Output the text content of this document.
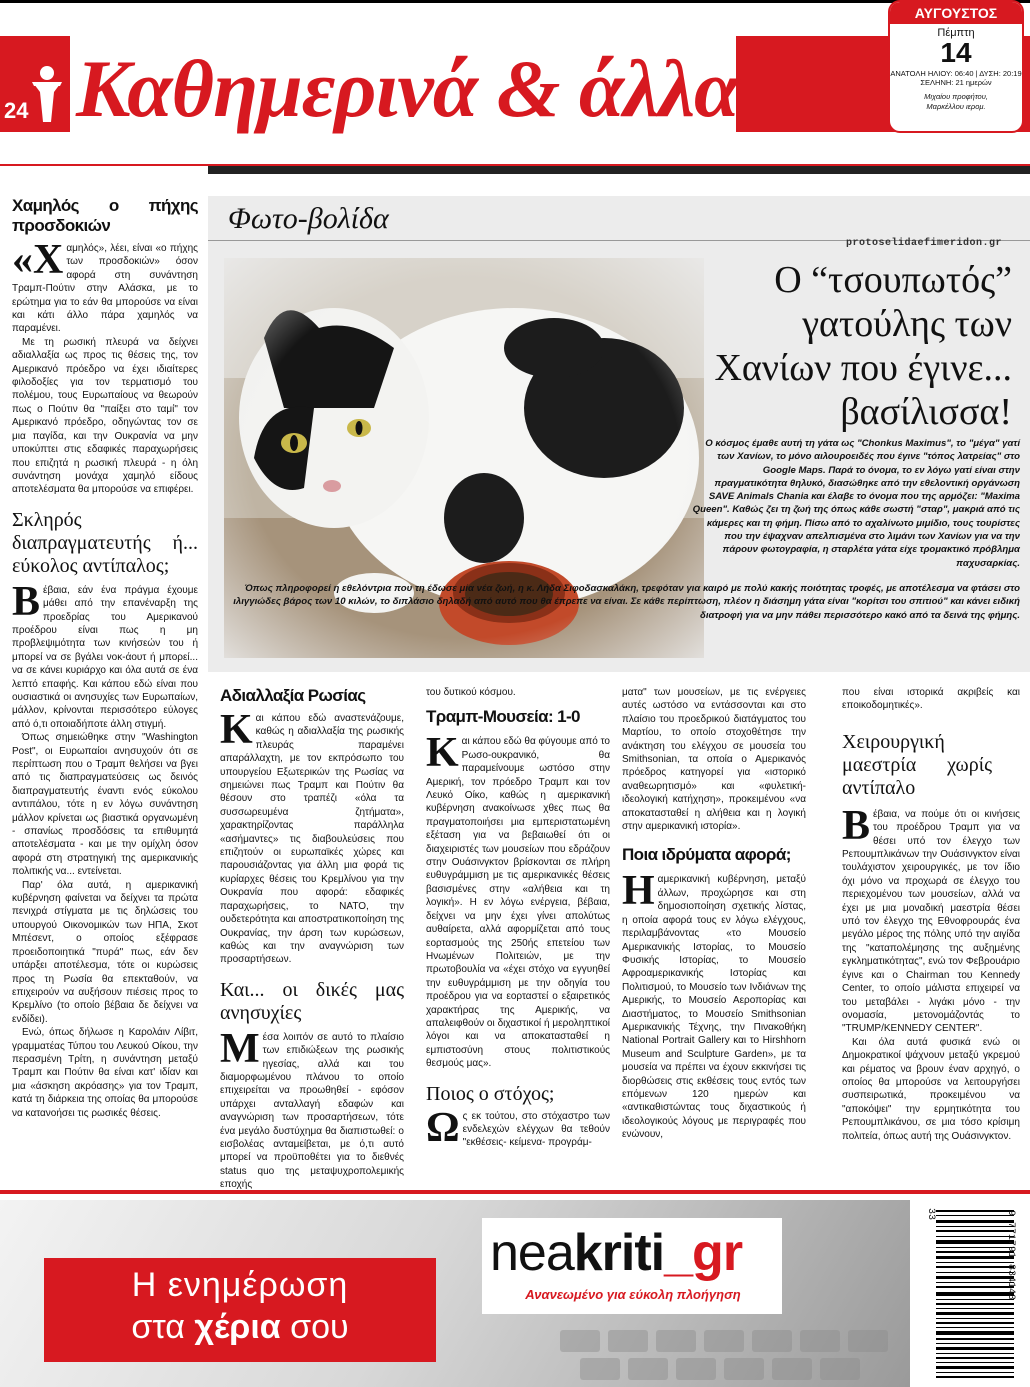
24 Καθημερινά & άλλα
ΑΥΓΟΥΣΤΟΣ
Πέμπτη
14
ΑΝΑΤΟΛΗ ΗΛΙΟΥ: 06:40 | ΔΥΣΗ: 20:19
ΣΕΛΗΝΗ: 21 ημερών
Μιχαίου προφήτου,
Μαρκέλλου ιερομ.
Χαμηλός ο πήχης προσδοκιών

«Χαμηλός», λέει, είναι «ο πήχης των προσδοκιών» όσον αφορά στη συνάντηση Τραμπ-Πούτιν στην Αλάσκα, με το ερώτημα για το εάν θα μπορούσε να είναι και κάτι άλλο πάρα χαμηλός να παραμένει.

Με τη ρωσική πλευρά να δείχνει αδιαλλαξία ως προς τις θέσεις της, τον Αμερικανό πρόεδρο να έχει ιδιαίτερες φιλοδοξίες για τον τερματισμό του πολέμου, τους Ευρωπαίους να θεωρούν πως ο Πούτιν θα "παίξει στο ταμί" τον Αμερικανό πρόεδρο, οδηγώντας τον σε μια παγίδα, και την Ουκρανία να μην υποκύπτει στις εδαφικές παραχωρήσεις που επιζητά η ρωσική πλευρά - η όλη συνάντηση μονάχα χαμηλό είδους αποτελέσματα θα μπορούσε να επιφέρει.

Σκληρός διαπραγματευτής ή... εύκολος αντίπαλος;

Βέβαια, εάν ένα πράγμα έχουμε μάθει από την επανέναρξη της προεδρίας του Αμερικανού προέδρου είναι πως η μη προβλεψιμότητα των κινήσεών του ή μπορεί να σε βγάλει νοκ-άουτ ή μπορεί... να σε κάνει κυριάρχο και όλα αυτά σε ένα λεπτό επαφής. Και κάπου εδώ είναι που ουσιαστικά οι ανησυχίες των Ευρωπαίων, μάλλον, κρίνονται περισσότερο εύλογες από ό,τι οποιαδήποτε άλλη στιγμή.

Όπως σημειώθηκε στην "Washington Post", οι Ευρωπαίοι ανησυχούν ότι σε περίπτωση που ο Τραμπ θελήσει να βγει από τις διαπραγματεύσεις ως δεινός διαπραγματευτής έναντι ενός εύκολου αντιπάλου, τότε η εν λόγω συνάντηση μάλλον κρίνεται ως βιαστικά οργανωμένη - σπανίως προσδόσεις τα επιθυμητά αποτελέσματα - και με την ομίχλη όσον αφορά στη στρατηγική της αμερικανικής πολιτικής να... εντείνεται.

Παρ' όλα αυτά, η αμερικανική κυβέρνηση φαίνεται να δείχνει τα πρώτα πενιχρά στίγματα με τις δηλώσεις του υπουργού Οικονομικών των ΗΠΑ, Σκοτ Μπέσεντ, ο οποίος εξέφρασε προειδοποιητικά "πυρά" πως, εάν δεν υπάρξει αποτέλεσμα, τότε οι κυρώσεις προς τη Ρωσία θα επεκταθούν, να επιχειρούν να αυξήσουν πιέσεις προς το Κρεμλίνο (το οποίο βέβαια δε δείχνει να ενδίδει).

Ενώ, όπως δήλωσε η Καρολάιν Λίβιτ, γραμματέας Τύπου του Λευκού Οίκου, την περασμένη Τρίτη, η συνάντηση μεταξύ Τραμπ και Πούτιν θα είναι κατ' ιδίαν και μια «άσκηση ακρόασης» για τον Τραμπ, κατά τη διάρκεια της οποίας θα μπορούσε να κατανοήσει τις ρωσικές θέσεις.

Φωτο-βολίδα
protoselidaefimeridon.gr
Ο “τσουπωτός” γατούλης των Χανίων που έγινε... βασίλισσα!
Ο κόσμος έμαθε αυτή τη γάτα ως "Chonkus Maximus", το "μέγα" γατί των Χανίων, το μόνο αιλουροειδές που έγινε "τόπος λατρείας" στο Google Maps. Παρά το όνομα, το εν λόγω γατί είναι στην πραγματικότητα θηλυκό, διασώθηκε από την εθελοντική οργάνωση SAVE Animals Chania και έλαβε το όνομα που της αρμόζει: "Maxima Queen". Καθώς ζει τη ζωή της όπως κάθε σωστή "σταρ", μακριά από τις κάμερες και τη φήμη. Πίσω από το αχαλίνωτο μιμίδιο, τους τουρίστες που την έψαχναν απελπισμένα στο λιμάνι των Χανίων για να την πάρουν φωτογραφία, η σταρλέτα γάτα είχε τρομακτικό πρόβλημα παχυσαρκίας.
Όπως πληροφορεί η εθελόντρια που τη έδωσε μία νέα ζωή, η κ. Λήδα Σιφοδασκαλάκη, τρεφόταν για καιρό με πολύ κακής ποιότητας τροφές, με αποτέλεσμα να φτάσει στο ιλιγγιώδες βάρος των 10 κιλών, το διπλάσιο δηλαδή από αυτό που θα έπρεπε να είναι. Σε κάθε περίπτωση, πλέον η διάσημη γάτα είναι "κορίτσι του σπιτιού" και κάνει ειδική διατροφή για να μην πάθει περισσότερο κακό από τα δεινά της φήμης.
Αδιαλλαξία Ρωσίας

Και κάπου εδώ αναστενάζουμε, καθώς η αδιαλλαξία της ρωσικής πλευράς παραμένει απαράλλαχτη, με τον εκπρόσωπο του υπουργείου Εξωτερικών της Ρωσίας να σημειώνει πως Τραμπ και Πούτιν θα θέσουν στο τραπέζι «όλα τα συσσωρευμένα ζητήματα», χαρακτηρίζοντας παράλληλα «ασήμαντες» τις διαβουλεύσεις που επιζητούν οι ευρωπαϊκές χώρες και παρουσιάζοντας για άλλη μια φορά τις κυρίαρχες θέσεις του Κρεμλίνου για την Ουκρανία που αφορά: εδαφικές παραχωρήσεις, το ΝΑΤΟ, την ουδετερότητα και αποστρατικοποίηση της Ουκρανίας, την άρση των κυρώσεων, καθώς και την αναγνώριση των προσαρτήσεων.

Και... οι δικές μας ανησυχίες

Μέσα λοιπόν σε αυτό το πλαίσιο των επιδιώξεων της ρωσικής ηγεσίας, αλλά και του διαμορφωμένου πλάνου το οποίο επιχειρείται να προωθηθεί - εφόσον υπάρχει ανταλλαγή εδαφών και αναγνώριση των προσαρτήσεων, τότε ένα μεγάλο δυστύχημα θα διαπιστωθεί: ο εισβολέας ανταμείβεται, με ό,τι αυτό μπορεί να προϋποθέτει για το διεθνές status quo της μεταψυχροπολεμικής εποχής

του δυτικού κόσμου.

Τραμπ-Μουσεία: 1-0

Και κάπου εδώ θα φύγουμε από το Ρωσο-ουκρανικό, θα παραμείνουμε ωστόσο στην Αμερική, τον πρόεδρο Τραμπ και τον Λευκό Οίκο, καθώς η αμερικανική κυβέρνηση ανακοίνωσε χθες πως θα πραγματοποιήσει μια εμπεριστατωμένη εξέταση για να βεβαιωθεί ότι οι διαχειριστές των μουσείων που εδράζουν στην Ουάσινγκτον βρίσκονται σε πλήρη ευθυγράμμιση με τις αμερικανικές θέσεις βασισμένες στην «αλήθεια και τη λογική». Η εν λόγω ενέργεια, βέβαια, δείχνει να μην έχει γίνει απολύτως αυθαίρετα, αλλά αφορμίζεται από τους εορτασμούς της 250ής επετείου των Ηνωμένων Πολιτειών, με την πρωτοβουλία να «έχει στόχο να εγγυηθεί την ευθυγράμμιση με την οδηγία του προέδρου για να εορταστεί ο εξαιρετικός χαρακτήρας της Αμερικής, να απαλειφθούν οι διχαστικοί ή μεροληπτικοί λόγοι και να αποκατασταθεί η εμπιστοσύνη στους πολιτιστικούς θεσμούς μας».

Ποιος ο στόχος;

Ως εκ τούτου, στο στόχαστρο των ενδελεχών ελέγχων θα τεθούν "εκθέσεις- κείμενα- προγράμ-

ματα" των μουσείων, με τις ενέργειες αυτές ωστόσο να εντάσσονται και στο πλαίσιο του προεδρικού διατάγματος του Μαρτίου, το οποίο στοχοθέτησε την ανάκτηση του ελέγχου σε μουσεία του Smithsonian, τα οποία ο Αμερικανός πρόεδρος κατηγορεί για «ιστορικό αναθεωρητισμό» και «φυλετική-ιδεολογική κατήχηση», προκειμένου «να αποκατασταθεί η αλήθεια και η λογική στην αμερικανική ιστορία».

Ποια ιδρύματα αφορά;

Ηαμερικανική κυβέρνηση, μεταξύ άλλων, προχώρησε και στη δημοσιοποίηση σχετικής λίστας, η οποία αφορά τους εν λόγω ελέγχους, περιλαμβάνοντας «το Μουσείο Αμερικανικής Ιστορίας, το Μουσείο Φυσικής Ιστορίας, το Μουσείο Αφροαμερικανικής Ιστορίας και Πολιτισμού, το Μουσείο των Ινδιάνων της Αμερικής, το Μουσείο Αεροπορίας και Διαστήματος, το Μουσείο Smithsonian Αμερικανικής Τέχνης, την Πινακοθήκη National Portrait Gallery και το Hirshhorn Museum and Sculpture Garden», με τα μουσεία να πρέπει να έχουν εκκινήσει τις διορθώσεις στις εκθέσεις τους εντός των επόμενων 120 ημερών και «αντικαθιστώντας τους διχαστικούς ή ιδεολογικούς λόγους με περιγραφές που ενώνουν,

που είναι ιστορικά ακριβείς και εποικοδομητικές».

Χειρουργική μαεστρία χωρίς αντίπαλο

Βέβαια, να πούμε ότι οι κινήσεις του προέδρου Τραμπ για να θέσει υπό τον έλεγχο των Ρεπουμπλικάνων την Ουάσινγκτον είναι τουλάχιστον χειρουργικές, με τον ίδιο όχι μόνο να προχωρά σε έλεγχο του περιεχομένου των μουσείων, αλλά να έχει με μια μοναδική μαεστρία θέσει υπό τον έλεγχο της Εθνοφρουράς ένα μεγάλο μέρος της πόλης υπό την αιγίδα της "καταπολέμησης της αυξημένης εγκληματικότητας", ενώ τον Φεβρουάριο έγινε και ο Chairman του Kennedy Center, το οποίο μάλιστα επιχειρεί να του μεταβάλει - λιγάκι μόνο - την ονομασία, μετονομάζοντάς το "TRUMP/KENNEDY CENTER".

Και όλα αυτά φυσικά ενώ οι Δημοκρατικοί ψάχνουν μεταξύ γκρεμού και ρέματος να βρουν έναν αρχηγό, ο οποίος θα μπορούσε να λειτουργήσει συσπειρωτικά, προκειμένου να "αποκόψει" την ερμητικότητα του Ρεπουμπλικάνου, σε μια τόσο κρίσιμη πολιτεία, όπως αυτή της Ουάσινγκτον.

Η ενημέρωση
στα χέρια σου
neakriti_gr
Ανανεωμένο για εύκολη πλοήγηση
33	9 771791 834143
